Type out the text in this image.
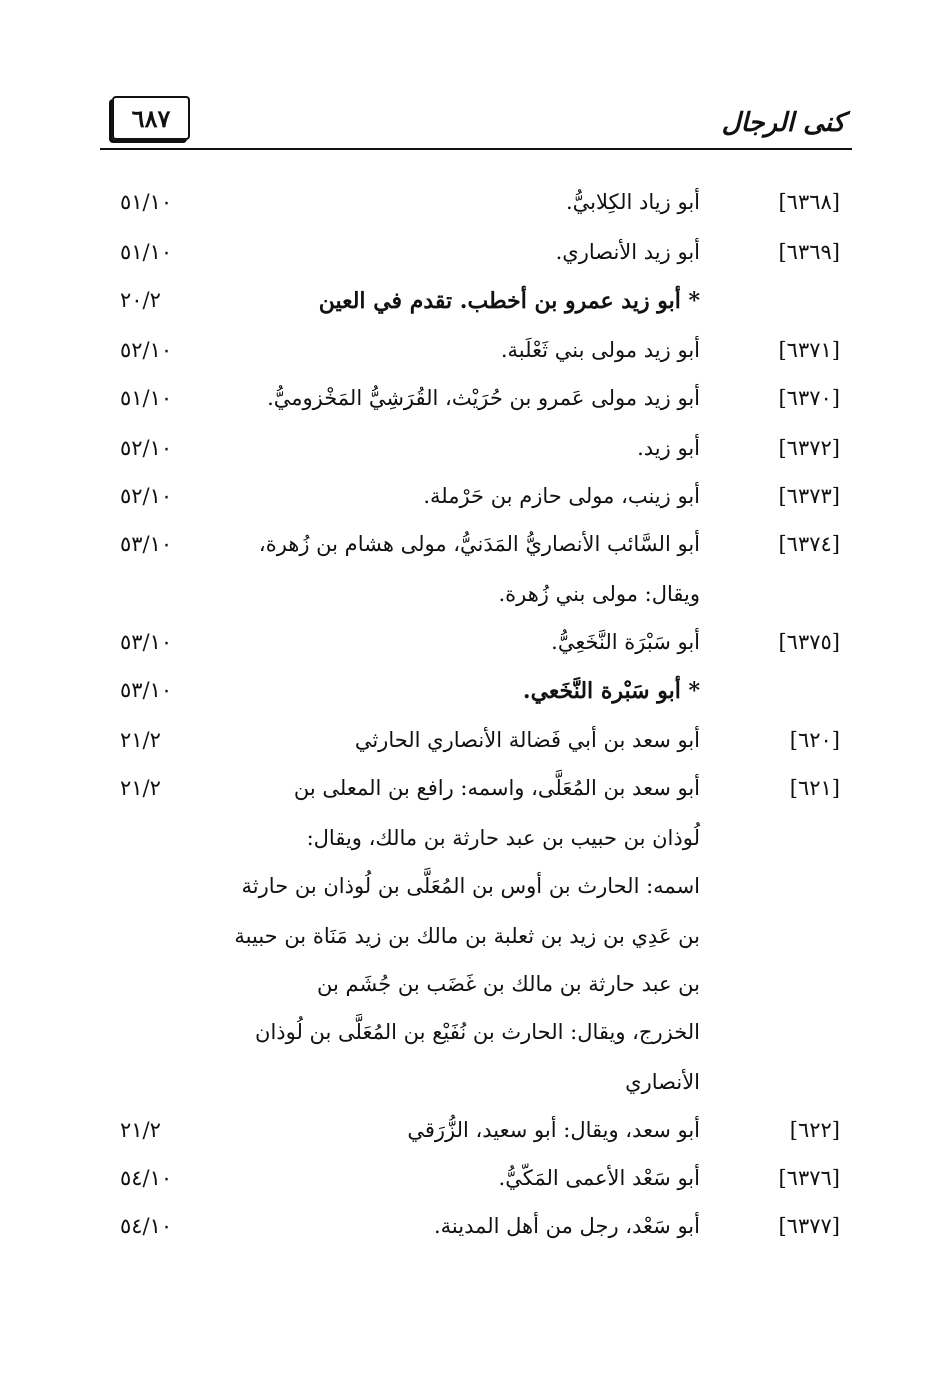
٦٨٧	كنى الرجال
[٦٣٦٨]
أبو زياد الكِلابيُّ.
٥١/١٠
[٦٣٦٩]
أبو زيد الأنصاري.
٥١/١٠
* أبو زيد عمرو بن أخطب. تقدم في العين
٢٠/٢
[٦٣٧١]
أبو زيد مولى بني ثَعْلَبة.
٥٢/١٠
[٦٣٧٠]
أبو زيد مولى عَمرو بن حُرَيْث، القُرَشِيُّ المَخْزوميُّ.
٥١/١٠
[٦٣٧٢]
أبو زيد.
٥٢/١٠
[٦٣٧٣]
أبو زينب، مولى حازم بن حَرْملة.
٥٢/١٠
[٦٣٧٤]
أبو السَّائب الأنصاريُّ المَدَنيُّ، مولى هشام بن زُهرة،
٥٣/١٠
ويقال: مولى بني زُهرة.
[٦٣٧٥]
أبو سَبْرَة النَّخَعِيُّ.
٥٣/١٠
* أبو سَبْرة النَّخَعي.
٥٣/١٠
[٦٢٠]
أبو سعد بن أبي فَضالة الأنصاري الحارثي
٢١/٢
[٦٢١]
أبو سعد بن المُعَلَّى، واسمه: رافع بن المعلى بن
٢١/٢
لُوذان بن حبيب بن عبد حارثة بن مالك، ويقال:
اسمه: الحارث بن أوس بن المُعَلَّى بن لُوذان بن حارثة
بن عَدِي بن زيد بن ثعلبة بن مالك بن زيد مَنَاة بن حبيبة
بن عبد حارثة بن مالك بن غَضَب بن جُشَم بن
الخزرج، ويقال: الحارث بن نُفَيْع بن المُعَلَّى بن لُوذان
الأنصاري
[٦٢٢]
أبو سعد، ويقال: أبو سعيد، الزُّرَقي
٢١/٢
[٦٣٧٦]
أبو سَعْد الأعمى المَكّيُّ.
٥٤/١٠
[٦٣٧٧]
أبو سَعْد، رجل من أهل المدينة.
٥٤/١٠
